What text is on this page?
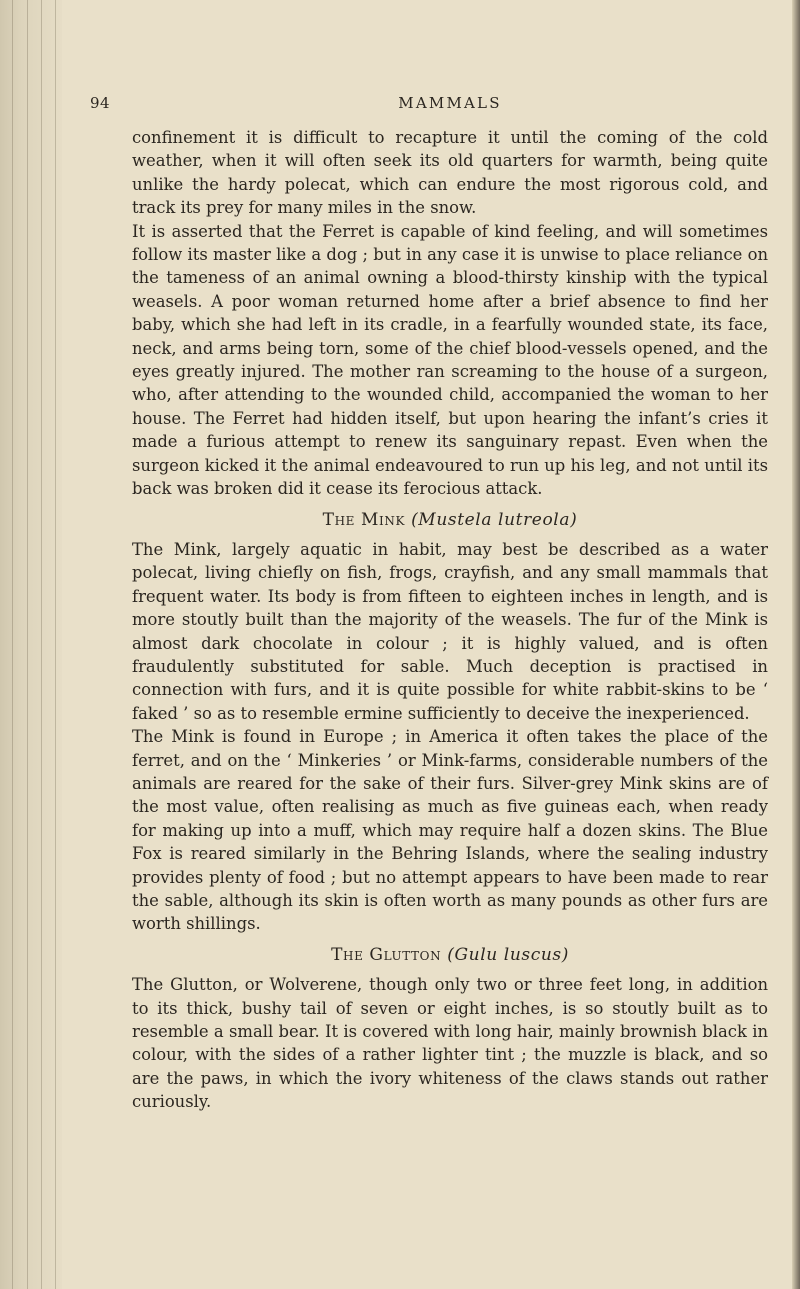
94	MAMMALS

confinement it is difficult to recapture it until the coming of the cold weather, when it will often seek its old quarters for warmth, being quite unlike the hardy polecat, which can endure the most rigorous cold, and track its prey for many miles in the snow.

It is asserted that the Ferret is capable of kind feeling, and will sometimes follow its master like a dog ; but in any case it is unwise to place reliance on the tameness of an animal owning a blood-thirsty kinship with the typical weasels. A poor woman returned home after a brief absence to find her baby, which she had left in its cradle, in a fearfully wounded state, its face, neck, and arms being torn, some of the chief blood-vessels opened, and the eyes greatly injured. The mother ran screaming to the house of a surgeon, who, after attending to the wounded child, accompanied the woman to her house. The Ferret had hidden itself, but upon hearing the infant’s cries it made a furious attempt to renew its sanguinary repast. Even when the surgeon kicked it the animal endeavoured to run up his leg, and not until its back was broken did it cease its ferocious attack.

The Mink (Mustela lutreola)

The Mink, largely aquatic in habit, may best be described as a water polecat, living chiefly on fish, frogs, crayfish, and any small mammals that frequent water. Its body is from fifteen to eighteen inches in length, and is more stoutly built than the majority of the weasels. The fur of the Mink is almost dark chocolate in colour ; it is highly valued, and is often fraudulently substituted for sable. Much deception is practised in connection with furs, and it is quite possible for white rabbit-skins to be ‘ faked ’ so as to resemble ermine sufficiently to deceive the inexperienced.

The Mink is found in Europe ; in America it often takes the place of the ferret, and on the ‘ Minkeries ’ or Mink-farms, considerable numbers of the animals are reared for the sake of their furs. Silver-grey Mink skins are of the most value, often realising as much as five guineas each, when ready for making up into a muff, which may require half a dozen skins. The Blue Fox is reared similarly in the Behring Islands, where the sealing industry provides plenty of food ; but no attempt appears to have been made to rear the sable, although its skin is often worth as many pounds as other furs are worth shillings.

The Glutton (Gulu luscus)

The Glutton, or Wolverene, though only two or three feet long, in addition to its thick, bushy tail of seven or eight inches, is so stoutly built as to resemble a small bear. It is covered with long hair, mainly brownish black in colour, with the sides of a rather lighter tint ; the muzzle is black, and so are the paws, in which the ivory whiteness of the claws stands out rather curiously.
